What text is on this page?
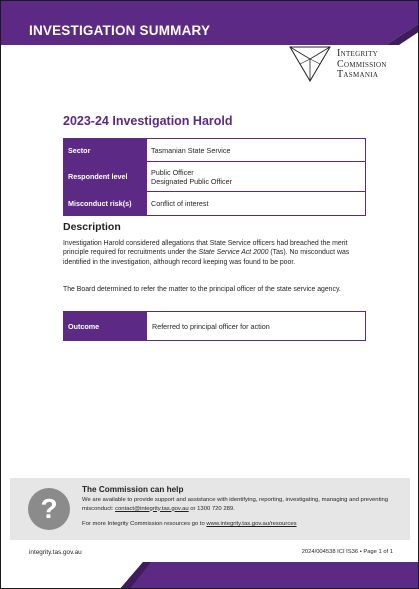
INVESTIGATION SUMMARY
Integrity
Commission
Tasmania
2023-24 Investigation Harold
Sector	Tasmanian State Service
Respondent level	Public Officer
Designated Public Officer

Misconduct risk(s)	Conflict of interest
Description

Investigation Harold considered allegations that State Service officers had breached the merit principle required for recruitments under the State Service Act 2000 (Tas). No misconduct was identified in the investigation, although record keeping was found to be poor.

The Board determined to refer the matter to the principal officer of the state service agency.

Outcome	Referred to principal officer for action
?
The Commission can help

We are available to provide support and assistance with identifying, reporting, investigating, managing and preventing misconduct: contact@integrity.tas.gov.au or 1300 720 289.

For more Integrity Commission resources go to www.integrity.tas.gov.au/resources

integrity.tas.gov.au	2024/004538 ICI IS36 • Page 1 of 1
